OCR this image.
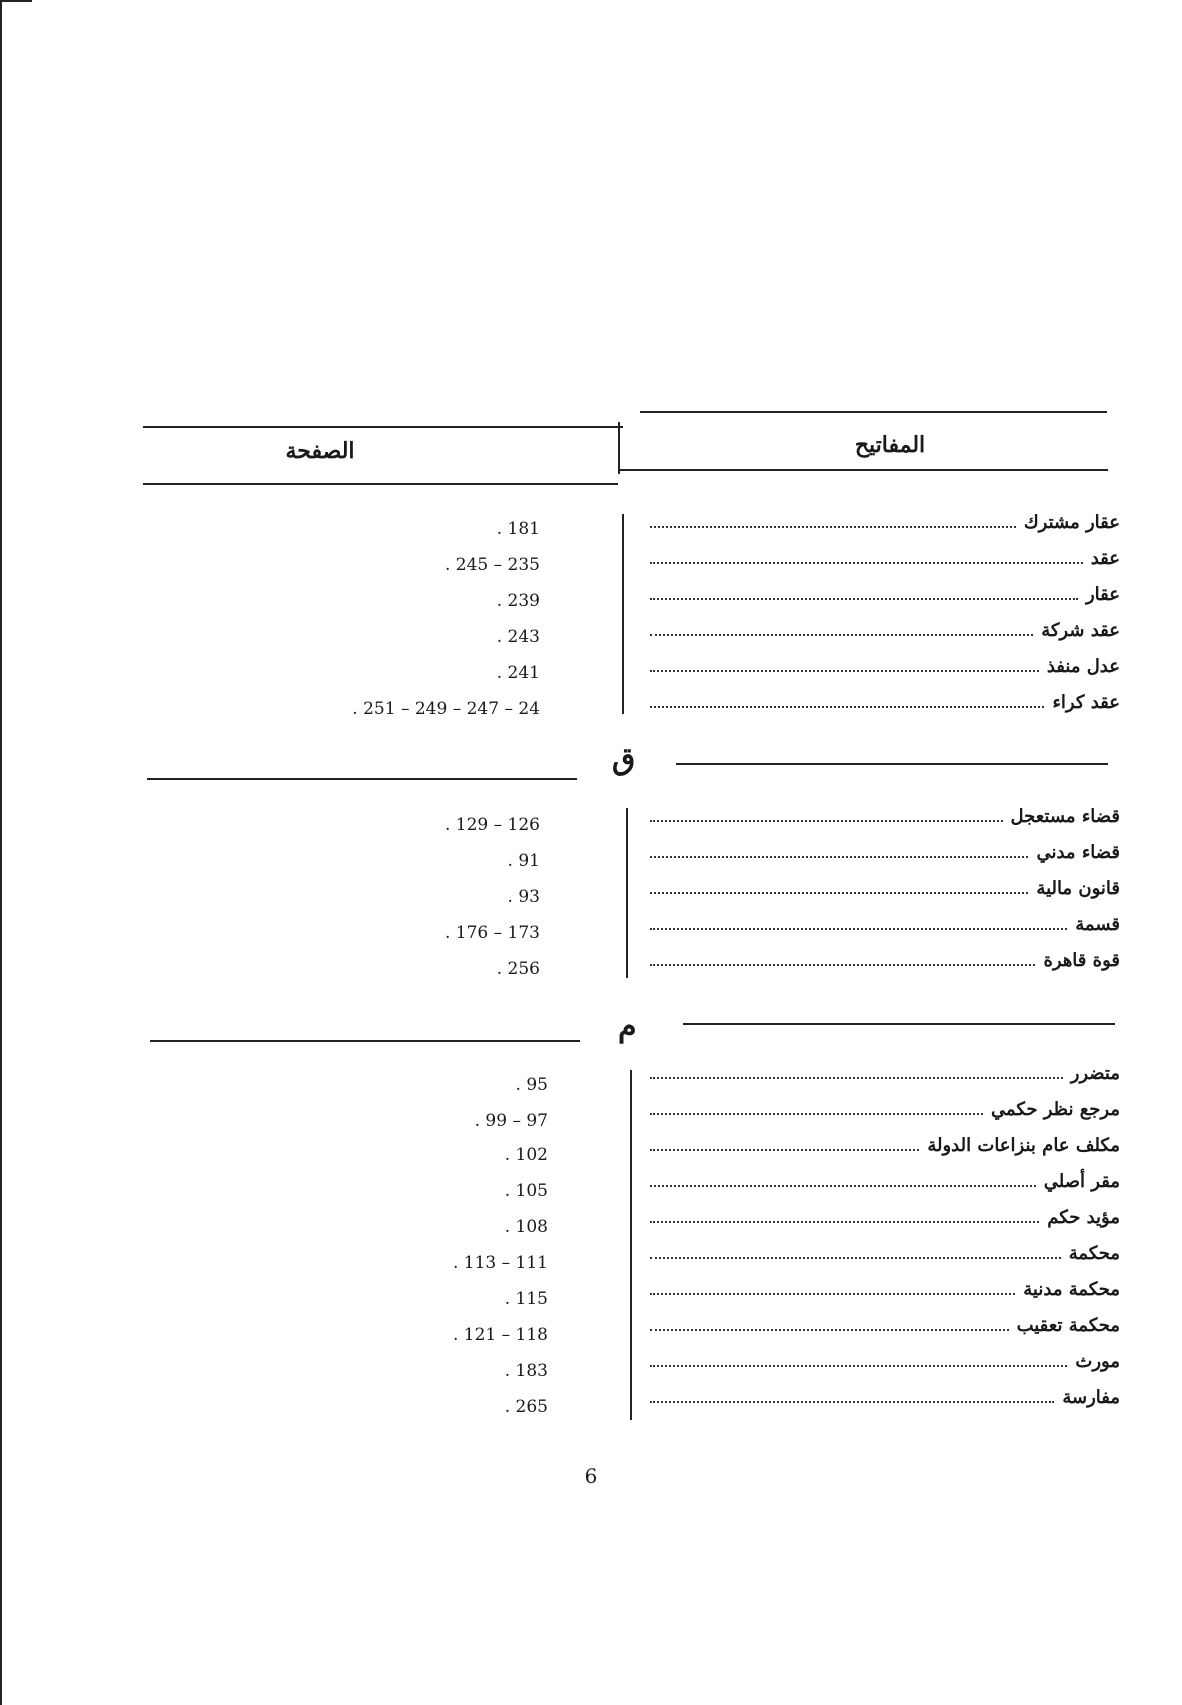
المفاتيح
الصفحة
عقار مشترك
. 181
عقد
. 245 – 235
عقار
. 239
عقد شركة
. 243
عدل منفذ
. 241
عقد كراء
. 251 – 249 – 247 – 24
ق
قضاء مستعجل
. 129 – 126
قضاء مدني
. 91
قانون مالية
. 93
قسمة
. 176 – 173
قوة قاهرة
. 256
م
متضرر
. 95
مرجع نظر حكمي
. 99 – 97
مكلف عام بنزاعات الدولة
. 102
مقر أصلي
. 105
مؤيد حكم
. 108
محكمة
. 113 – 111
محكمة مدنية
. 115
محكمة تعقيب
. 121 – 118
مورث
. 183
مفارسة
. 265
6
